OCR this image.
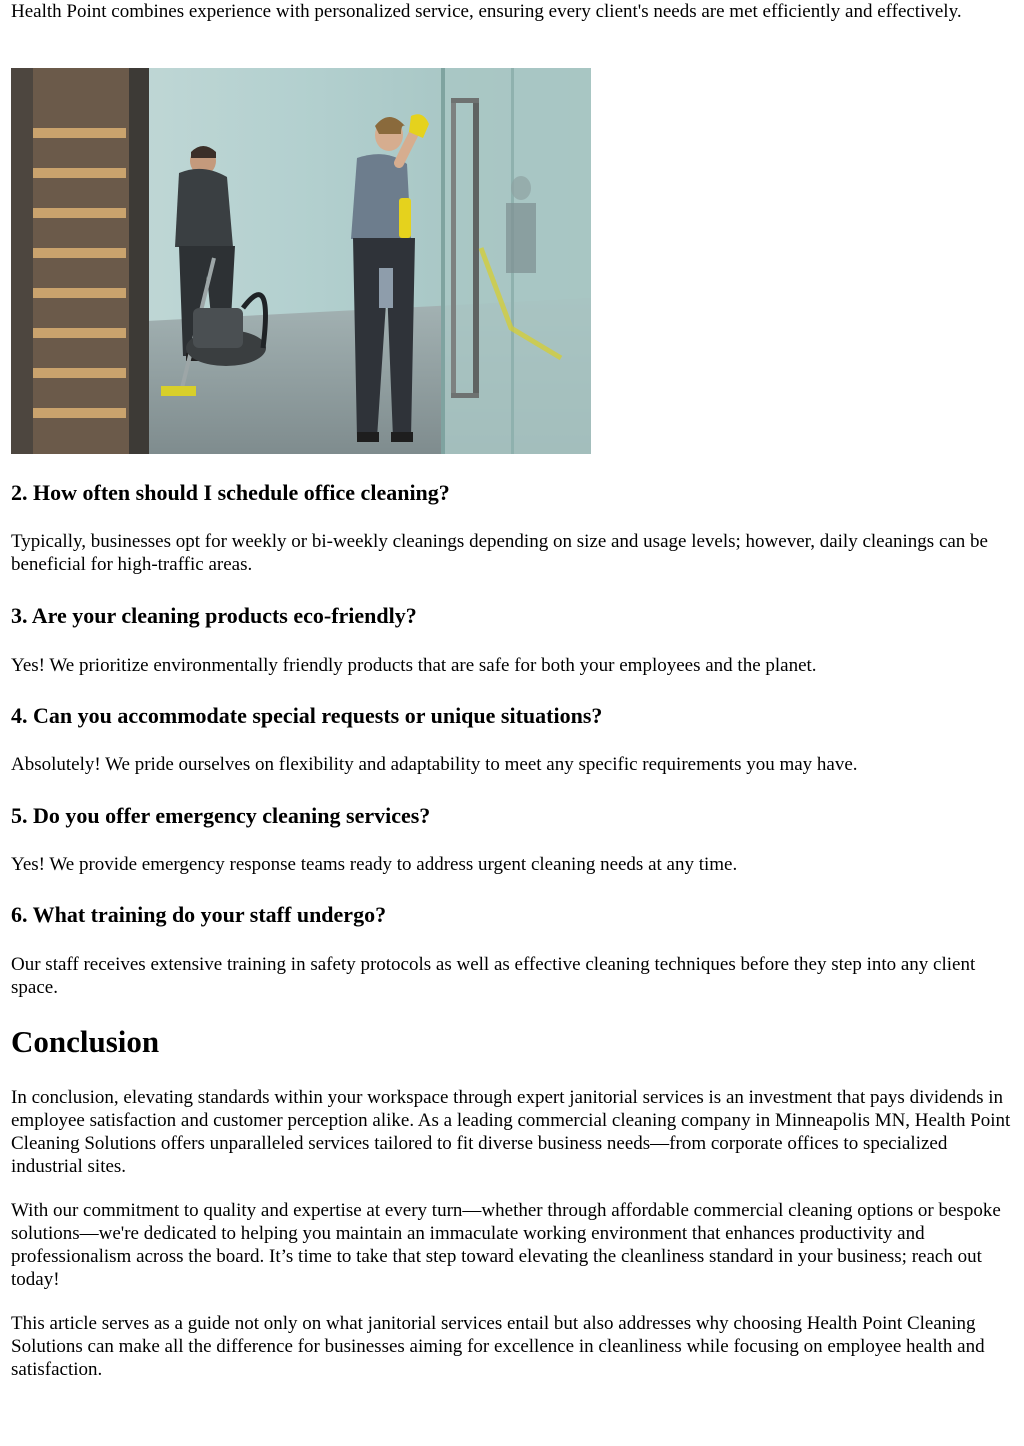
Health Point combines experience with personalized service, ensuring every client's needs are met efficiently and effectively.

2. How often should I schedule office cleaning?

Typically, businesses opt for weekly or bi-weekly cleanings depending on size and usage levels; however, daily cleanings can be beneficial for high-traffic areas.

3. Are your cleaning products eco-friendly?

Yes! We prioritize environmentally friendly products that are safe for both your employees and the planet.

4. Can you accommodate special requests or unique situations?

Absolutely! We pride ourselves on flexibility and adaptability to meet any specific requirements you may have.

5. Do you offer emergency cleaning services?

Yes! We provide emergency response teams ready to address urgent cleaning needs at any time.

6. What training do your staff undergo?

Our staff receives extensive training in safety protocols as well as effective cleaning techniques before they step into any client space.

Conclusion

In conclusion, elevating standards within your workspace through expert janitorial services is an investment that pays dividends in employee satisfaction and customer perception alike. As a leading commercial cleaning company in Minneapolis MN, Health Point Cleaning Solutions offers unparalleled services tailored to fit diverse business needs—from corporate offices to specialized industrial sites.

With our commitment to quality and expertise at every turn—whether through affordable commercial cleaning options or bespoke solutions—we're dedicated to helping you maintain an immaculate working environment that enhances productivity and professionalism across the board. It’s time to take that step toward elevating the cleanliness standard in your business; reach out today!

This article serves as a guide not only on what janitorial services entail but also addresses why choosing Health Point Cleaning Solutions can make all the difference for businesses aiming for excellence in cleanliness while focusing on employee health and satisfaction.
